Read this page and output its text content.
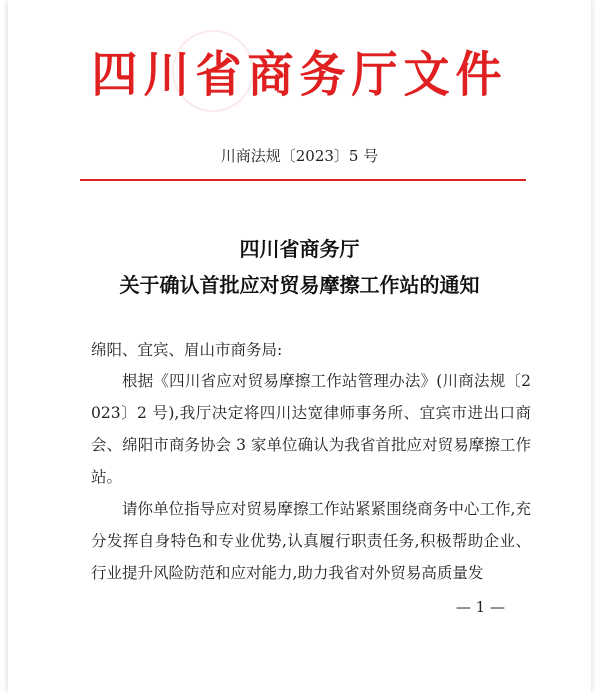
四川省商务厅文件
川商法规〔2023〕5 号
四川省商务厅
关于确认首批应对贸易摩擦工作站的通知
绵阳、宜宾、眉山市商务局:
根据《四川省应对贸易摩擦工作站管理办法》(川商法规〔2023〕2 号),我厅决定将四川达宽律师事务所、宜宾市进出口商会、绵阳市商务协会 3 家单位确认为我省首批应对贸易摩擦工作站。
请你单位指导应对贸易摩擦工作站紧紧围绕商务中心工作,充分发挥自身特色和专业优势,认真履行职责任务,积极帮助企业、行业提升风险防范和应对能力,助力我省对外贸易高质量发
— 1 —
